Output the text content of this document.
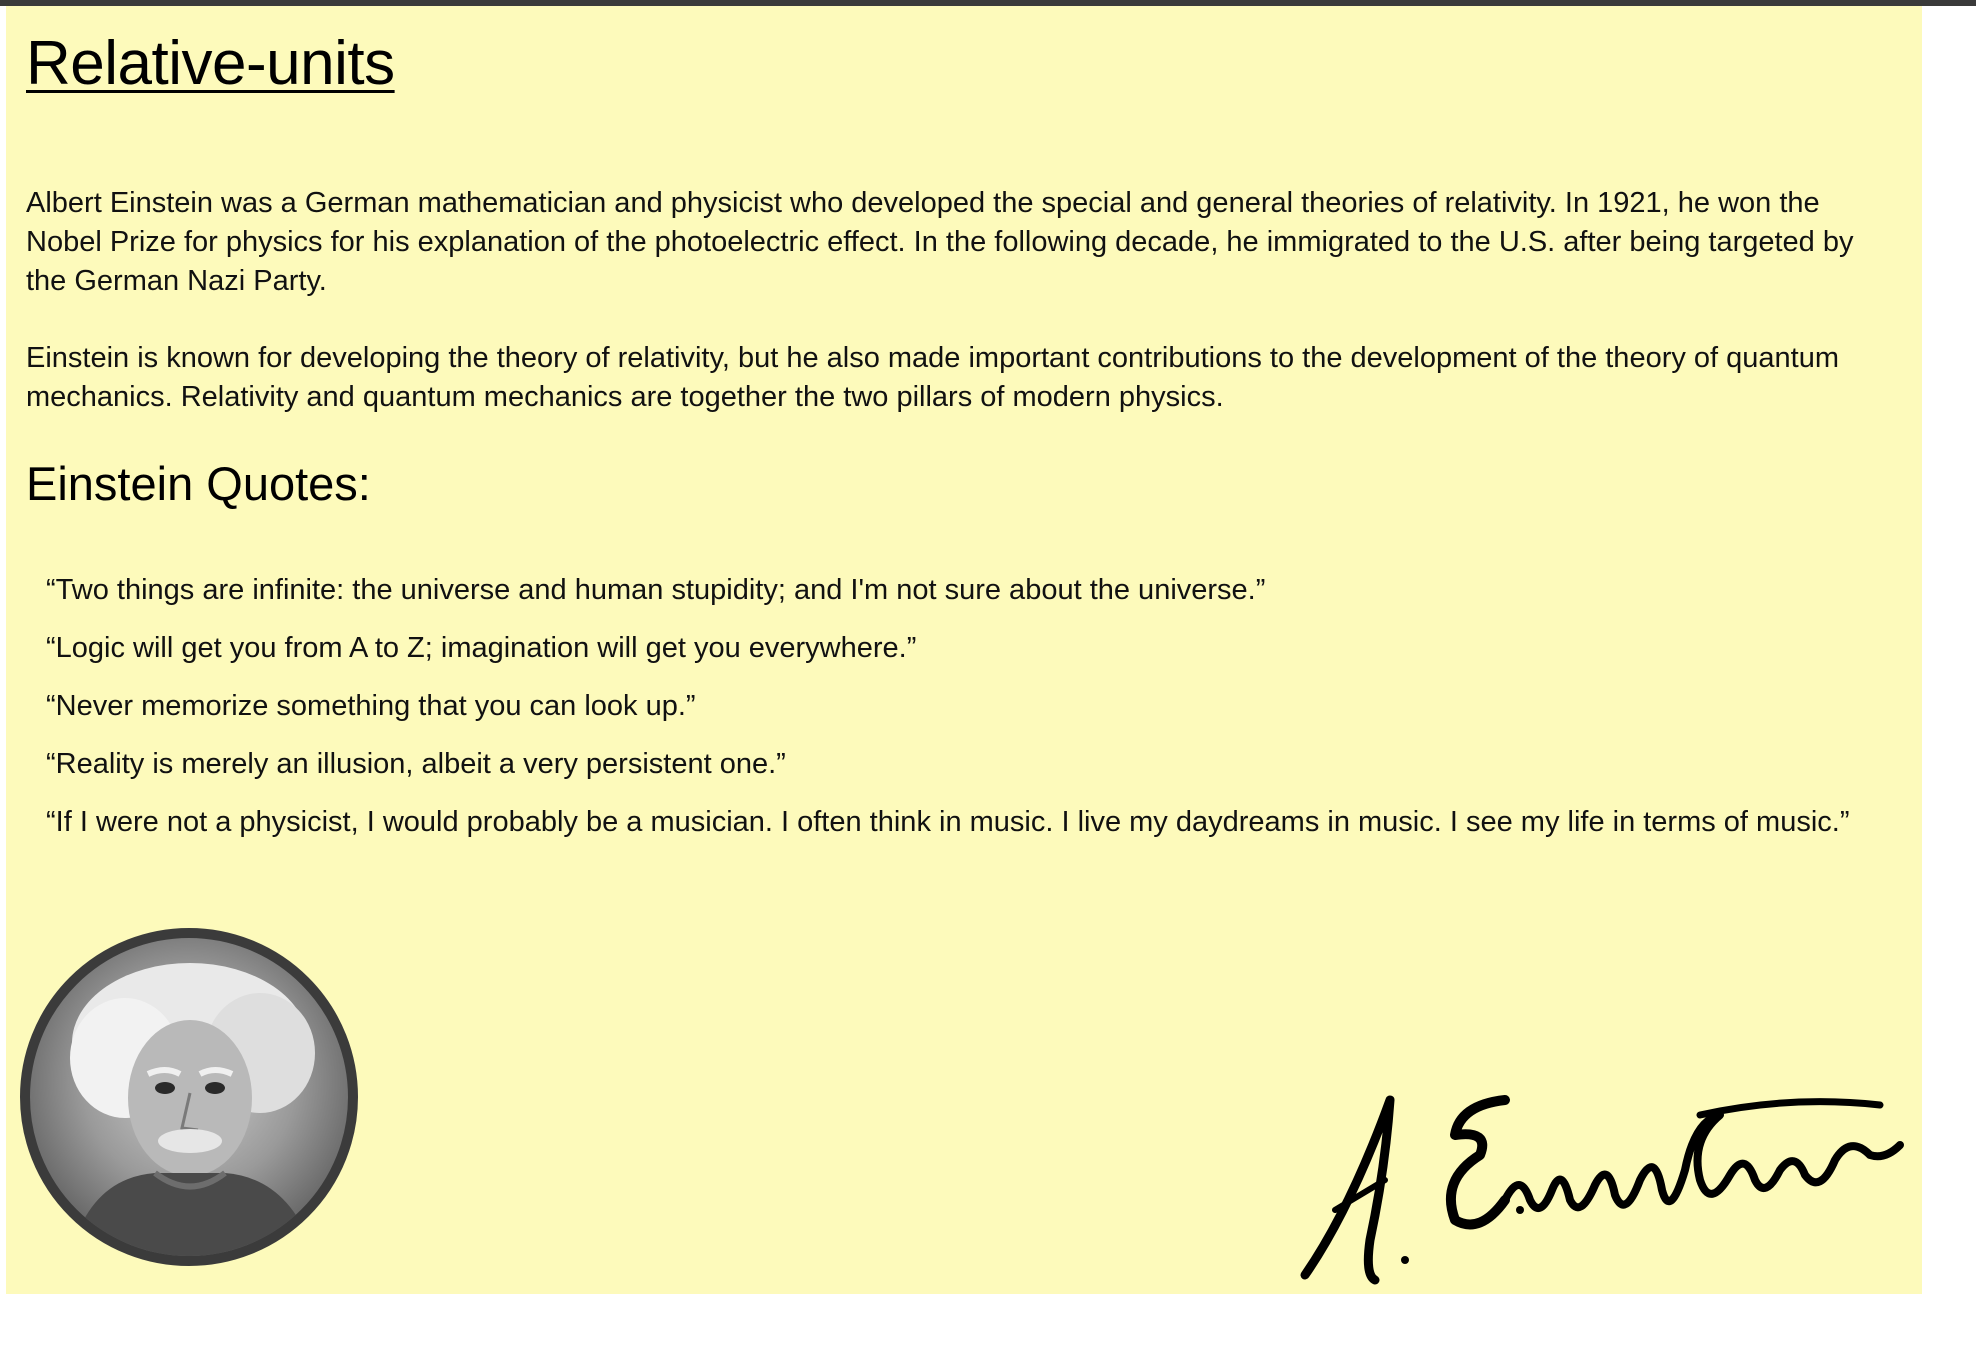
Relative-units

Albert Einstein was a German mathematician and physicist who developed the special and general theories of relativity. In 1921, he won the Nobel Prize for physics for his explanation of the photoelectric effect. In the following decade, he immigrated to the U.S. after being targeted by the German Nazi Party.

Einstein is known for developing the theory of relativity, but he also made important contributions to the development of the theory of quantum mechanics. Relativity and quantum mechanics are together the two pillars of modern physics.

Einstein Quotes:
“Two things are infinite: the universe and human stupidity; and I'm not sure about the universe.”
“Logic will get you from A to Z; imagination will get you everywhere.”
“Never memorize something that you can look up.”
“Reality is merely an illusion, albeit a very persistent one.”
“If I were not a physicist, I would probably be a musician. I often think in music. I live my daydreams in music. I see my life in terms of music.”
